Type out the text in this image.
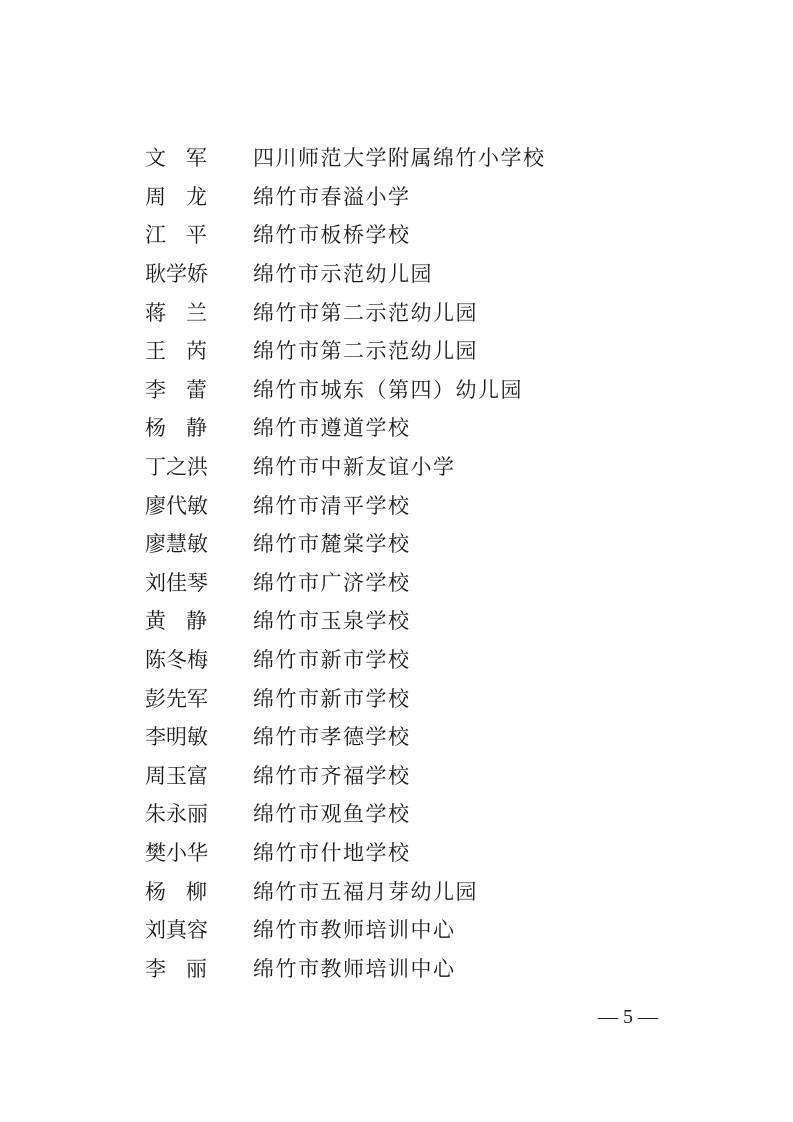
文 军 四川师范大学附属绵竹小学校
周 龙 绵竹市春溢小学
江 平 绵竹市板桥学校
耿 学 娇 绵竹市示范幼儿园
蒋 兰 绵竹市第二示范幼儿园
王 芮 绵竹市第二示范幼儿园
李 蕾 绵竹市城东（第四）幼儿园
杨 静 绵竹市遵道学校
丁 之 洪 绵竹市中新友谊小学
廖 代 敏 绵竹市清平学校
廖 慧 敏 绵竹市麓棠学校
刘 佳 琴 绵竹市广济学校
黄 静 绵竹市玉泉学校
陈 冬 梅 绵竹市新市学校
彭 先 军 绵竹市新市学校
李 明 敏 绵竹市孝德学校
周 玉 富 绵竹市齐福学校
朱 永 丽 绵竹市观鱼学校
樊 小 华 绵竹市什地学校
杨 柳 绵竹市五福月芽幼儿园
刘 真 容 绵竹市教师培训中心
李 丽 绵竹市教师培训中心
— 5 —
